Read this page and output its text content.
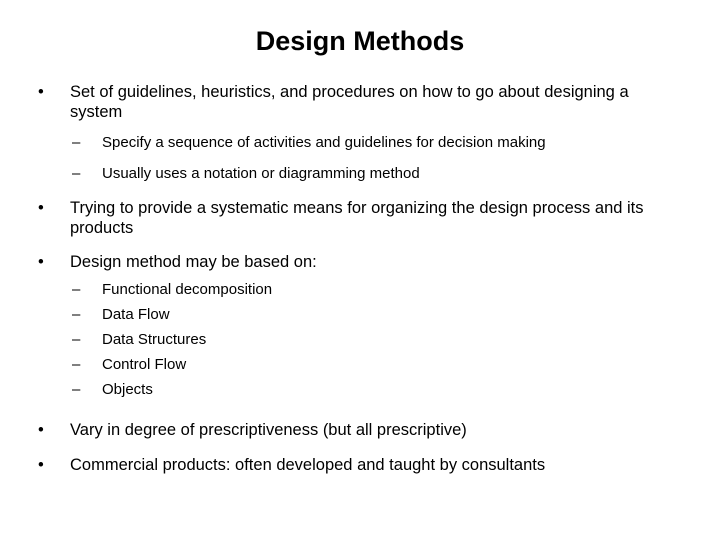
Design Methods
• Set of guidelines, heuristics, and procedures on how to go about designing a system
– Specify a sequence of activities and guidelines for decision making
– Usually uses a notation or diagramming method
• Trying to provide a systematic means for organizing the design process and its products
• Design method may be based on:
– Functional decomposition
– Data Flow
– Data Structures
– Control Flow
– Objects
• Vary in degree of prescriptiveness (but all prescriptive)
• Commercial products: often developed and taught by consultants
